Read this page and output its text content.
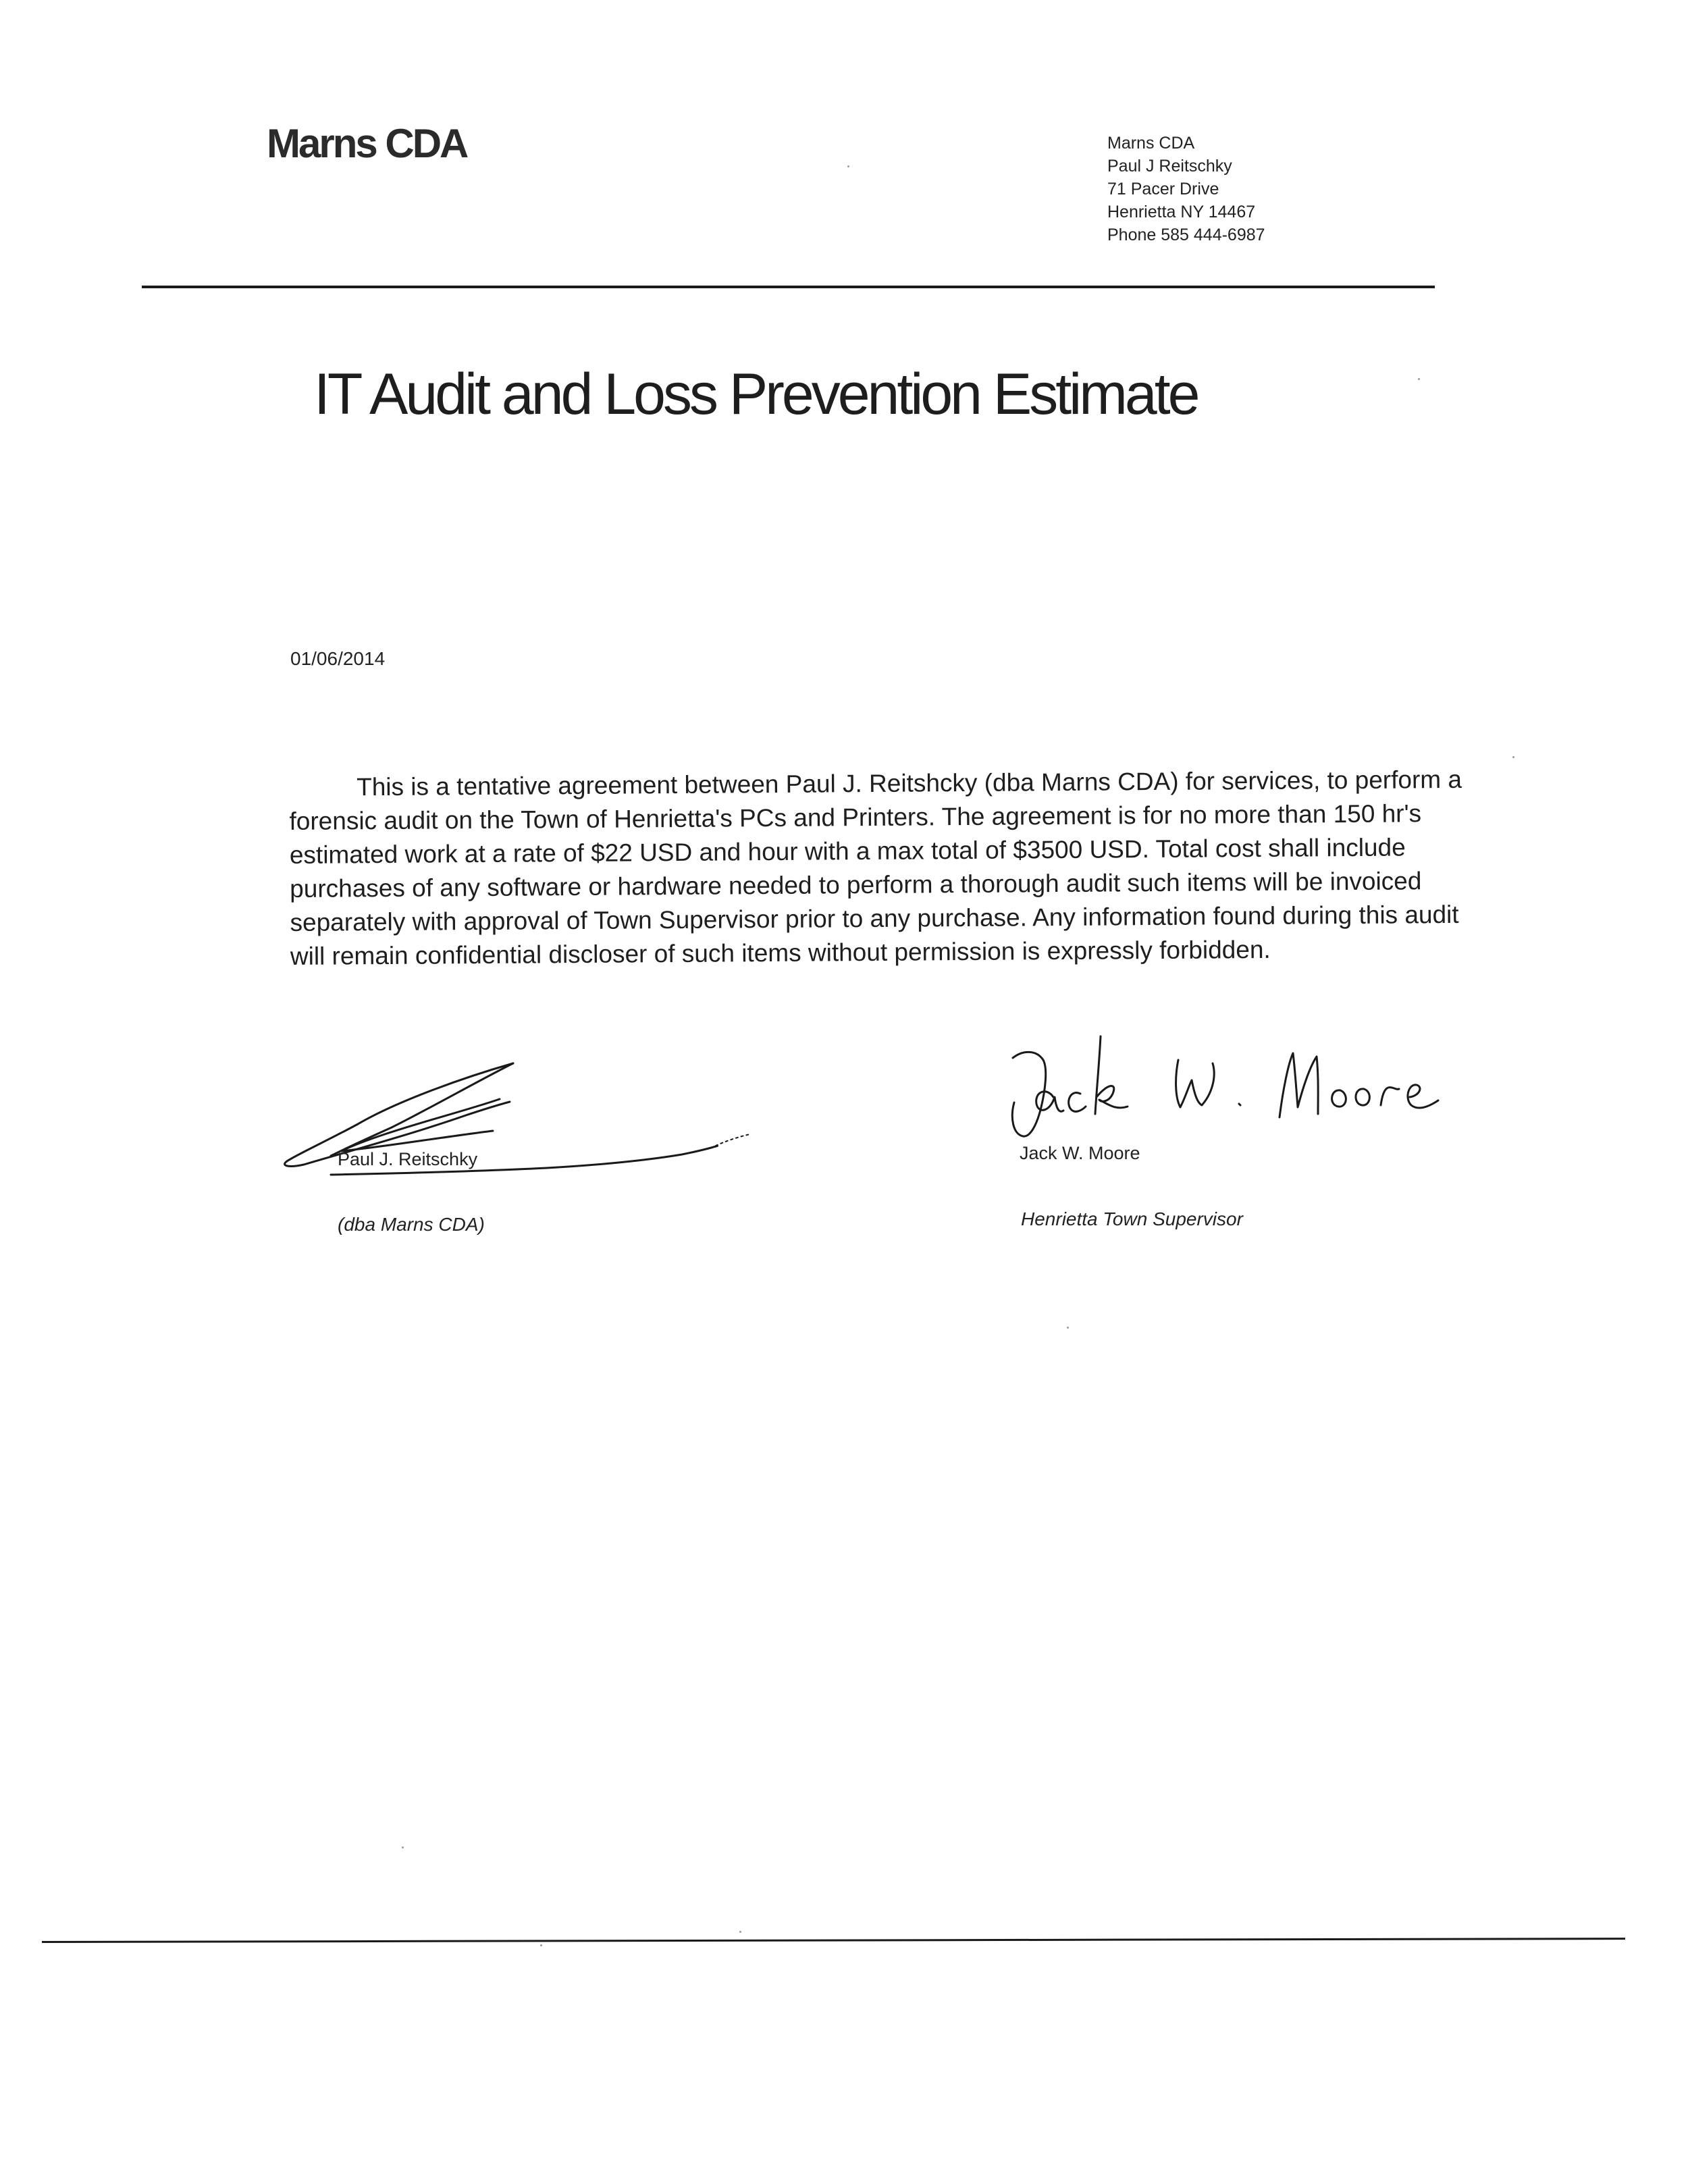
Marns CDA	Marns CDA
Paul J Reitschky
71 Pacer Drive
Henrietta NY 14467
Phone 585 444-6987
IT Audit and Loss Prevention Estimate
01/06/2014
This is a tentative agreement between Paul J. Reitshcky (dba Marns CDA) for services, to perform a
forensic audit on the Town of Henrietta's PCs and Printers. The agreement is for no more than 150 hr's
estimated work at a rate of $22 USD and hour with a max total of $3500 USD. Total cost shall include
purchases of any software or hardware needed to perform a thorough audit such items will be invoiced
separately with approval of Town Supervisor prior to any purchase. Any information found during this audit
will remain confidential discloser of such items without permission is expressly forbidden.
Paul J. Reitschky	Jack W. Moore
(dba Marns CDA)	Henrietta Town Supervisor
